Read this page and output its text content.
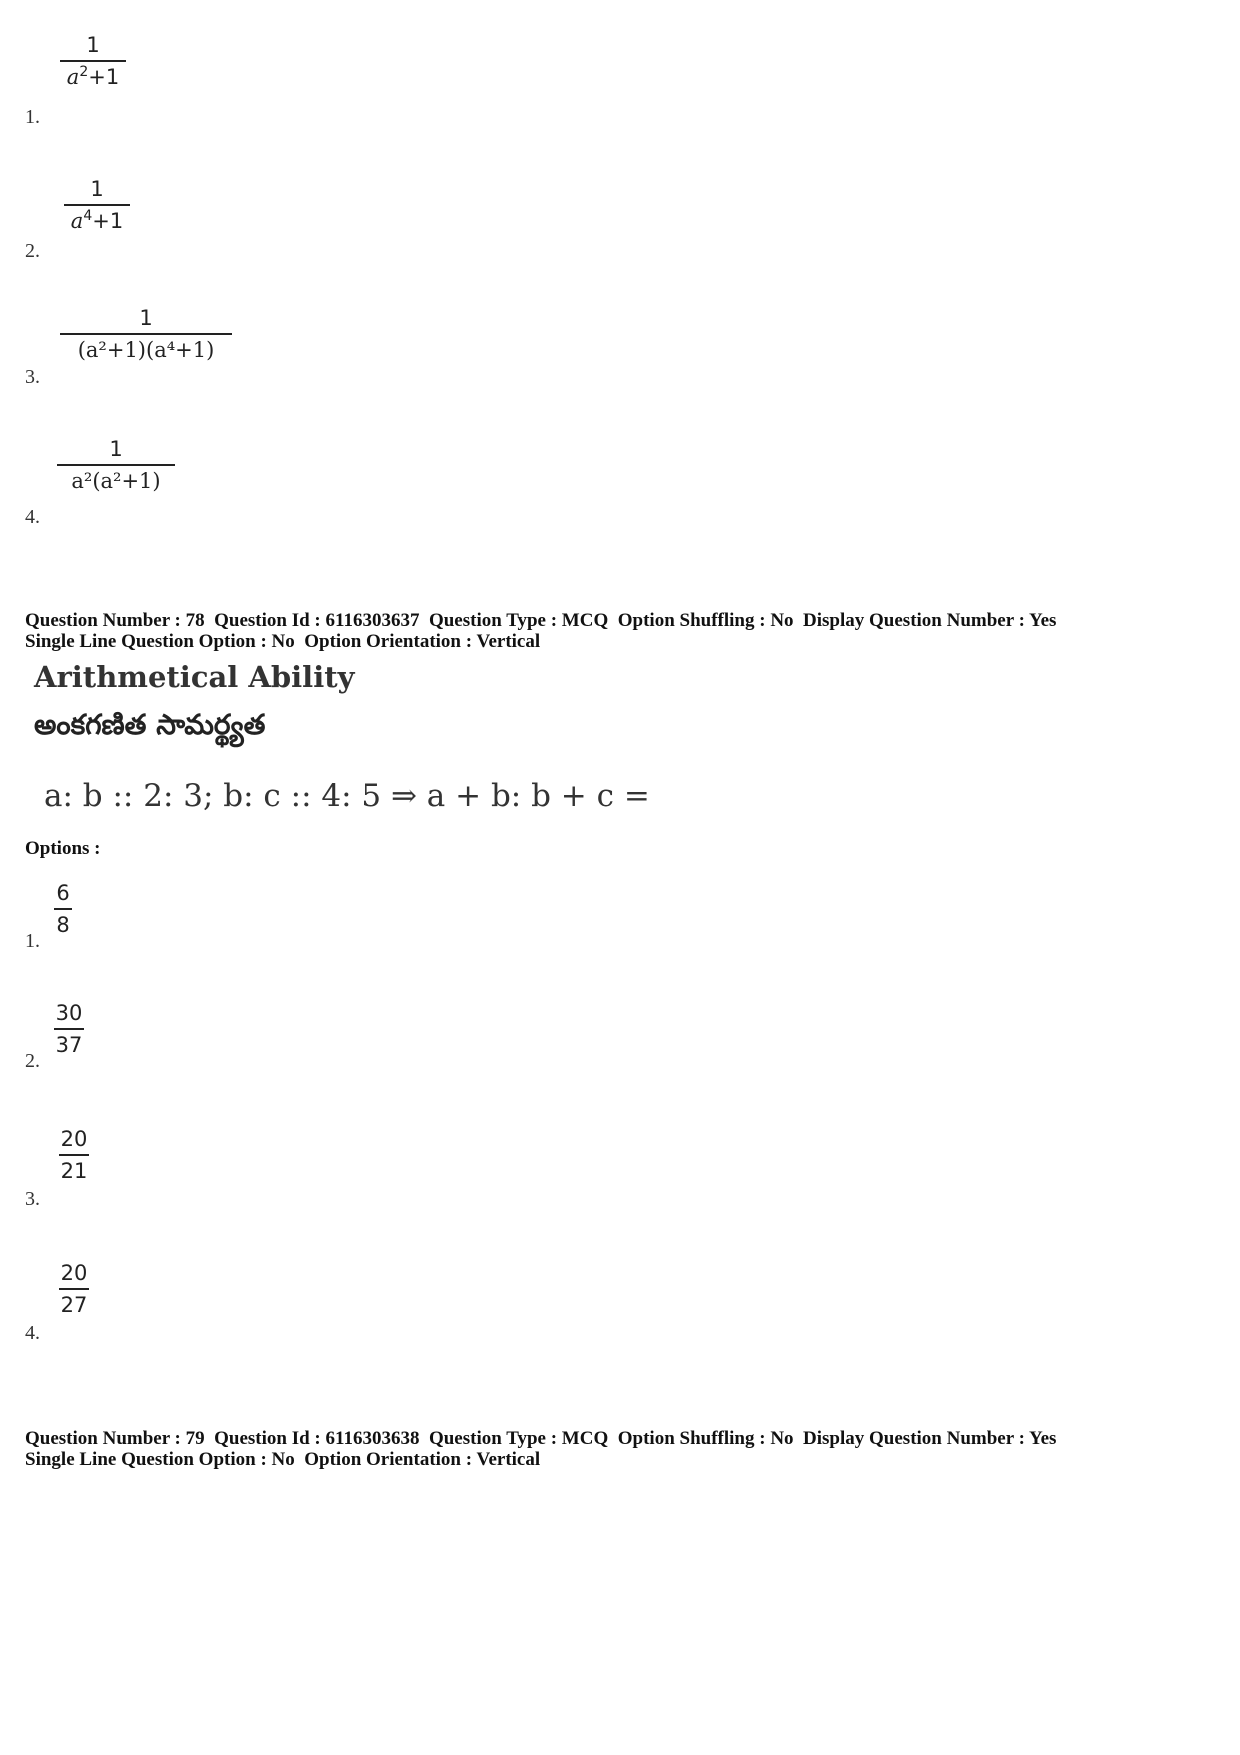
1
$a^2+1$
1.
1
$a^4+1$
2.
1
(a²+1)(a⁴+1)
3.
1
a²(a²+1)
4.
Question Number : 78  Question Id : 6116303637  Question Type : MCQ  Option Shuffling : No  Display Question Number : Yes
Single Line Question Option : No  Option Orientation : Vertical
Arithmetical Ability
అంకగణిత సామర్థ్యత
a: b :: 2: 3; b: c :: 4: 5 ⇒ a + b: b + c =
Options :
6
8
1.
30
37
2.
20
21
3.
20
27
4.
Question Number : 79  Question Id : 6116303638  Question Type : MCQ  Option Shuffling : No  Display Question Number : Yes
Single Line Question Option : No  Option Orientation : Vertical
